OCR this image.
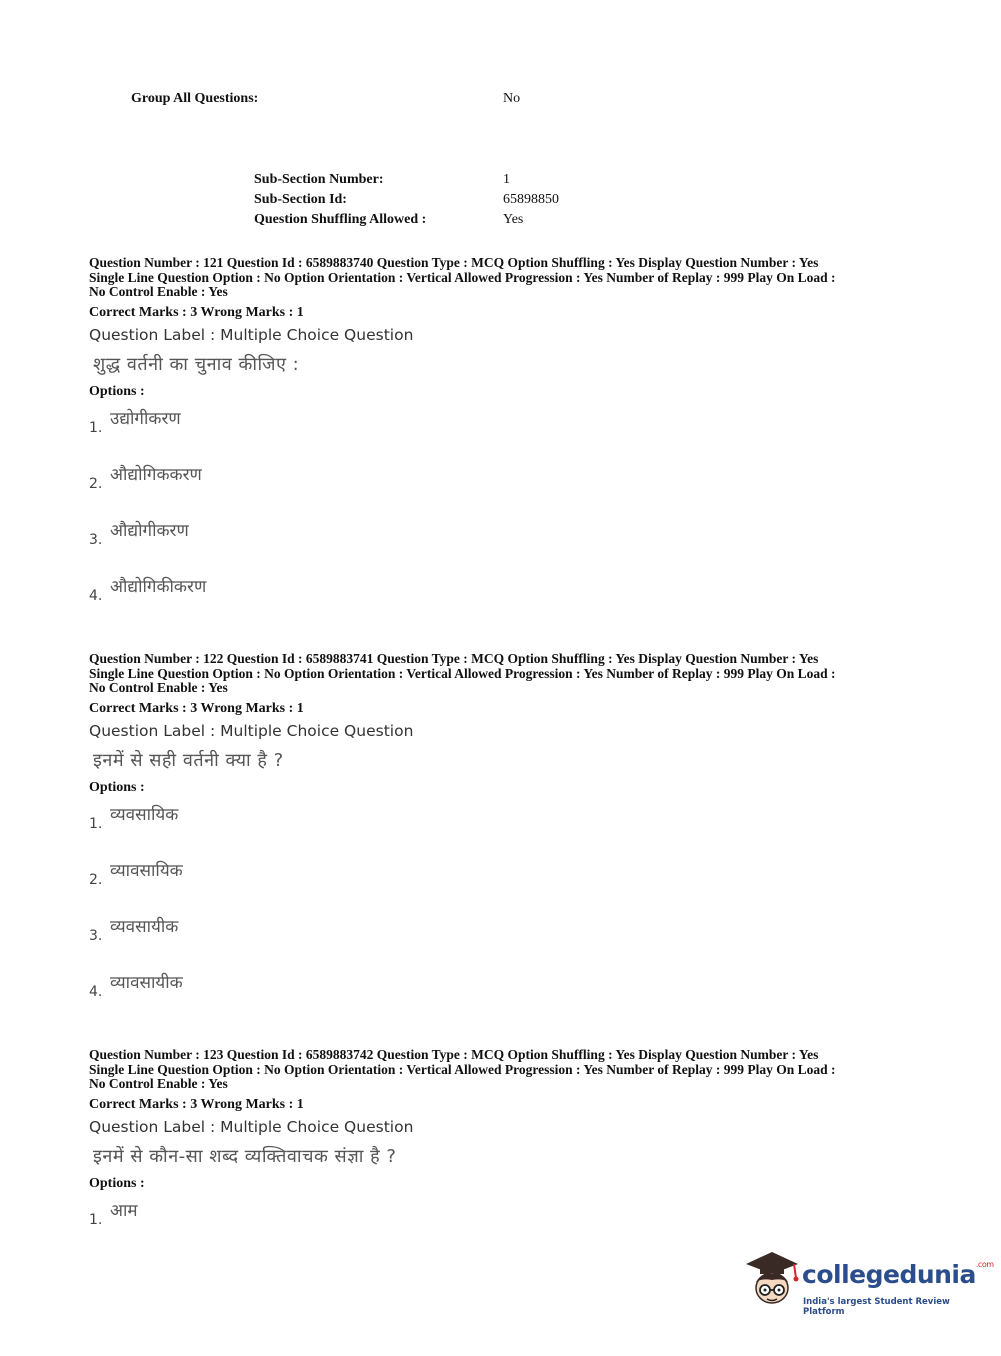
Group All Questions:	No
Sub-Section Number:	1
Sub-Section Id:	65898850
Question Shuffling Allowed :	Yes

Question Number : 121 Question Id : 6589883740 Question Type : MCQ Option Shuffling : Yes Display Question Number : Yes

Single Line Question Option : No Option Orientation : Vertical Allowed Progression : Yes Number of Replay : 999 Play On Load :

No Control Enable : Yes

Correct Marks : 3 Wrong Marks : 1
Question Label : Multiple Choice Question
शुद्ध वर्तनी का चुनाव कीजिए :
Options :
1. उद्योगीकरण
2. औद्योगिककरण
3. औद्योगीकरण
4. औद्योगिकीकरण

Question Number : 122 Question Id : 6589883741 Question Type : MCQ Option Shuffling : Yes Display Question Number : Yes

Single Line Question Option : No Option Orientation : Vertical Allowed Progression : Yes Number of Replay : 999 Play On Load :

No Control Enable : Yes

Correct Marks : 3 Wrong Marks : 1
Question Label : Multiple Choice Question
इनमें से सही वर्तनी क्या है ?
Options :
1. व्यवसायिक
2. व्यावसायिक
3. व्यवसायीक
4. व्यावसायीक

Question Number : 123 Question Id : 6589883742 Question Type : MCQ Option Shuffling : Yes Display Question Number : Yes

Single Line Question Option : No Option Orientation : Vertical Allowed Progression : Yes Number of Replay : 999 Play On Load :

No Control Enable : Yes

Correct Marks : 3 Wrong Marks : 1
Question Label : Multiple Choice Question
इनमें से कौन-सा शब्द व्यक्तिवाचक संज्ञा है ?
Options :
1. आम
collegedunia$^{.com}$
India's largest Student Review Platform
